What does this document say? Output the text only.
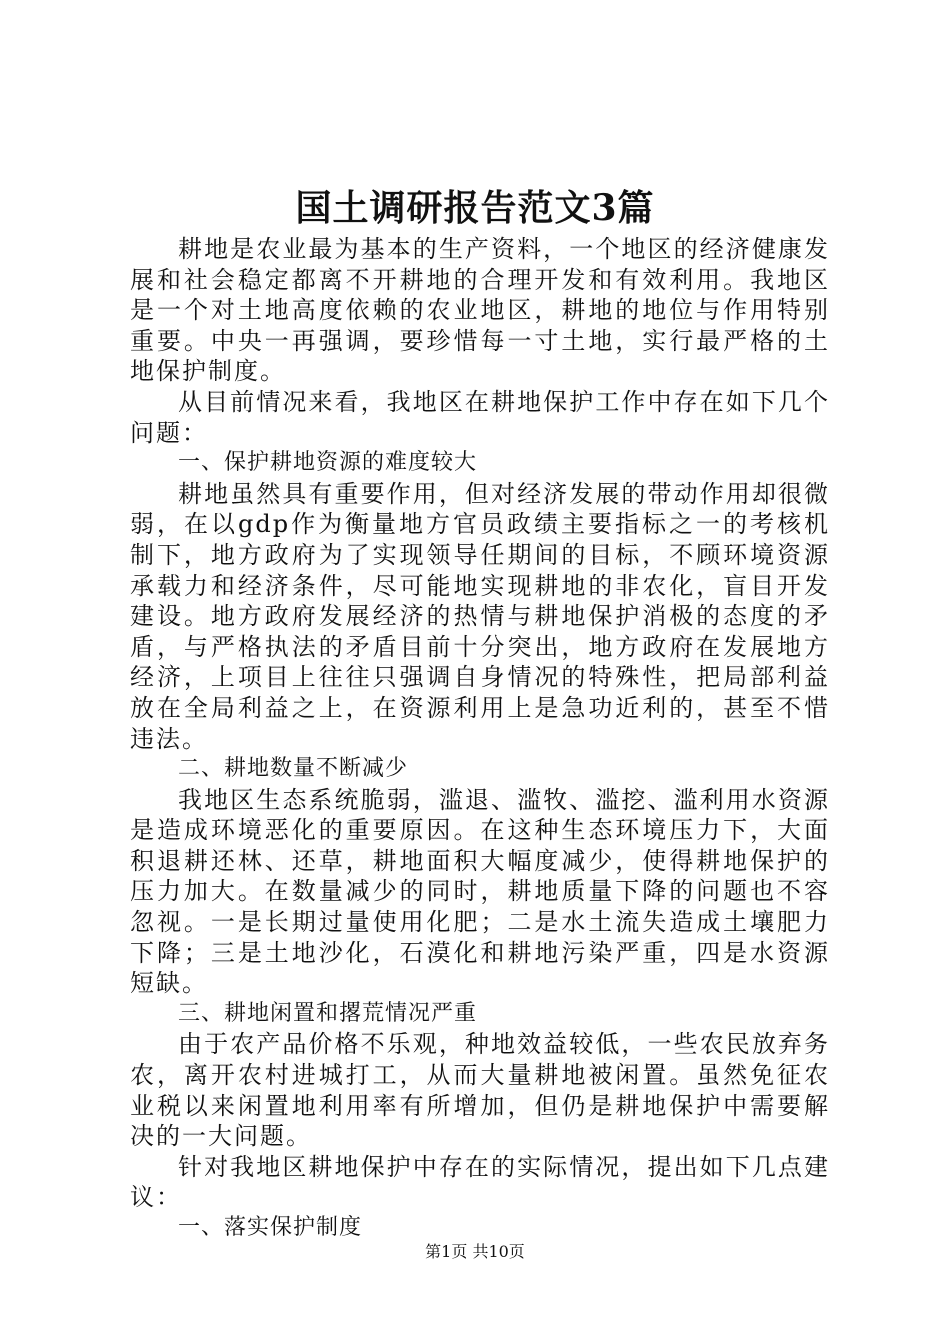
国土调研报告范文3篇

耕地是农业最为基本的生产资料，一个地区的经济健康发展和社会稳定都离不开耕地的合理开发和有效利用。我地区是一个对土地高度依赖的农业地区，耕地的地位与作用特别重要。中央一再强调，要珍惜每一寸土地，实行最严格的土地保护制度。

从目前情况来看，我地区在耕地保护工作中存在如下几个问题：

一、保护耕地资源的难度较大

耕地虽然具有重要作用，但对经济发展的带动作用却很微弱，在以gdp作为衡量地方官员政绩主要指标之一的考核机制下，地方政府为了实现领导任期间的目标，不顾环境资源承载力和经济条件，尽可能地实现耕地的非农化，盲目开发建设。地方政府发展经济的热情与耕地保护消极的态度的矛盾，与严格执法的矛盾目前十分突出，地方政府在发展地方经济，上项目上往往只强调自身情况的特殊性，把局部利益放在全局利益之上，在资源利用上是急功近利的，甚至不惜违法。

二、耕地数量不断减少

我地区生态系统脆弱，滥退、滥牧、滥挖、滥利用水资源是造成环境恶化的重要原因。在这种生态环境压力下，大面积退耕还林、还草，耕地面积大幅度减少，使得耕地保护的压力加大。在数量减少的同时，耕地质量下降的问题也不容忽视。一是长期过量使用化肥；二是水土流失造成土壤肥力下降；三是土地沙化，石漠化和耕地污染严重，四是水资源短缺。

三、耕地闲置和撂荒情况严重

由于农产品价格不乐观，种地效益较低，一些农民放弃务农，离开农村进城打工，从而大量耕地被闲置。虽然免征农业税以来闲置地利用率有所增加，但仍是耕地保护中需要解决的一大问题。

针对我地区耕地保护中存在的实际情况，提出如下几点建议：

一、落实保护制度

第1页 共10页
